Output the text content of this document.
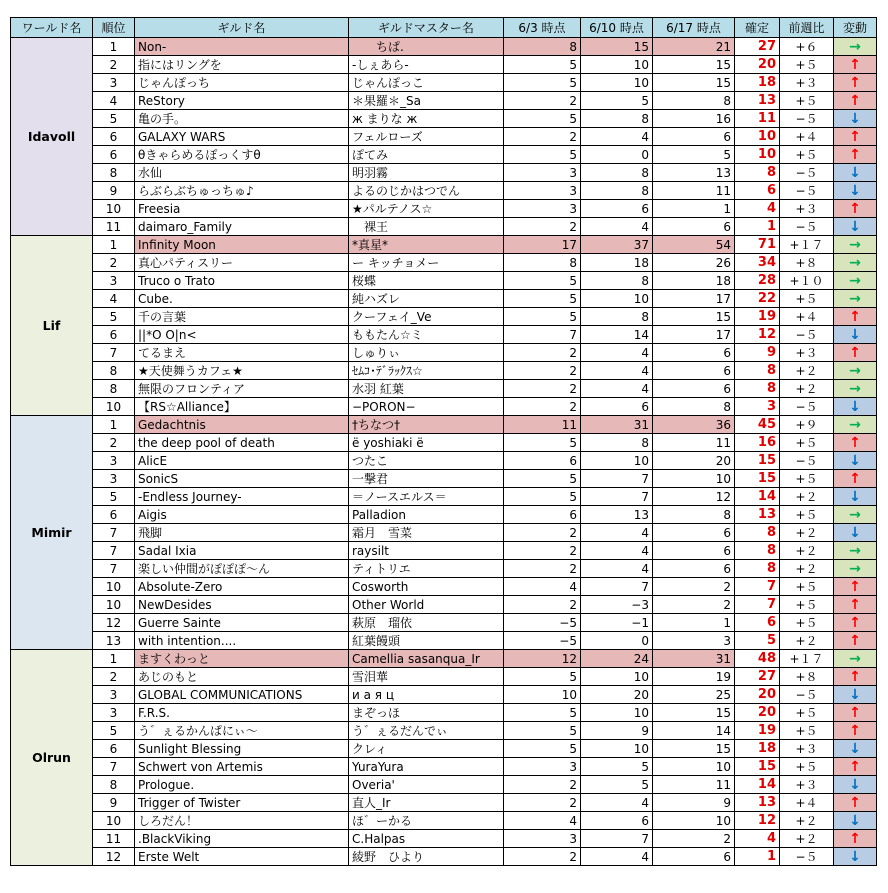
ワールド名	順位	ギルド名	ギルドマスター名	6/3 時点	6/10 時点	6/17 時点	確定	前週比	変動
Idavoll	1	Non-	　　ちぱ.	8	15	21	27	+６	→
	2	指にはリングを	-しぇあら-	5	10	15	20	+５	↑
	3	じゃんぽっち	じゃんぽっこ	5	10	15	18	+３	↑
	4	ReStory	＊果羅＊_Sa	2	5	8	13	+５	↑
	5	亀の手。	ж まりな ж	5	8	16	11	−５	↓
	6	GALAXY WARS	フェルローズ	2	4	6	10	+４	↑
	6	θきゃらめるぽっくすθ	ぽてみ	5	0	5	10	+５	↑
	8	水仙	明羽霧	3	8	13	8	−５	↓
	9	らぶらぶちゅっちゅ♪	よるのじかはつでん	3	8	11	6	−５	↓
	10	Freesia	★パルテノス☆	3	6	1	4	+３	↑
	11	daimaro_Family	　裸王	2	4	6	1	−５	↓
Lif	1	Infinity Moon	*真星*	17	37	54	71	+１７	→
	2	真心パティスリー	ー キッチョメー	8	18	26	34	+８	→
	3	Truco o Trato	桜蝶	5	8	18	28	+１０	→
	4	Cube.	純ハズレ	5	10	17	22	+５	→
	5	千の言葉	クーフェイ_Ve	5	8	15	19	+４	↑
	6	||*O O|n<	ももたん☆ミ	7	14	17	12	−５	↓
	7	てるまえ	しゅりぃ	2	4	6	9	+３	↑
	8	★天使舞うカフェ★	ｾﾑｺ･ﾃﾞﾗｯｸｽ☆	2	4	6	8	+２	→
	8	無限のフロンティア	水羽 紅葉	2	4	6	8	+２	→
	10	【RS☆Alliance】	−PORON−	2	6	8	3	−５	↓
Mimir	1	Gedachtnis	†ちなつ†	11	31	36	45	+９	→
	2	the deep pool of death	ë yoshiaki ë	5	8	11	16	+５	↑
	3	AlicE	つたこ	6	10	20	15	−５	↓
	3	SonicS	一撃君	5	7	10	15	+５	↑
	5	-Endless Journey-	＝ノースエルス＝	5	7	12	14	+２	↓
	6	Aigis	Palladion	6	13	8	13	+５	→
	7	飛脚	霜月　雪菜	2	4	6	8	+２	↓
	7	Sadal Ixia	raysilt	2	4	6	8	+２	→
	7	楽しい仲間がぽぽぽ〜ん	ティトリエ	2	4	6	8	+２	→
	10	Absolute-Zero	Cosworth	4	7	2	7	+５	↑
	10	NewDesides	Other World	2	−3	2	7	+５	↑
	12	Guerre Sainte	萩原　瑠依	−5	−1	1	6	+５	↑
	13	with intention....	紅葉饅頭	−5	0	3	5	+２	↑
Olrun	1	ますくわっと	Camellia sasanqua_Ir	12	24	31	48	+１７	→
	2	あじのもと	雪泪華	5	10	19	27	+８	↑
	3	GLOBAL COMMUNICATIONS	и а я ц	10	20	25	20	−５	↓
	3	F.R.S.	まぞっほ	5	10	15	20	+５	↑
	5	う゛ぇるかんぱにぃ〜	う゛ぇるだんでぃ	5	9	14	19	+５	↑
	6	Sunlight Blessing	クレィ	5	10	15	18	+３	↓
	7	Schwert von Artemis	YuraYura	3	5	10	15	+５	↑
	8	Prologue.	Overia'	2	5	11	14	+３	↓
	9	Trigger of Twister	直人_Ir	2	4	9	13	+４	↑
	10	しろだん！	ほ゛ーかる	4	6	10	12	+２	↓
	11	.BlackViking	C.Halpas	3	7	2	4	+２	↑
	12	Erste Welt	綾野　ひより	2	4	6	1	−５	↓
